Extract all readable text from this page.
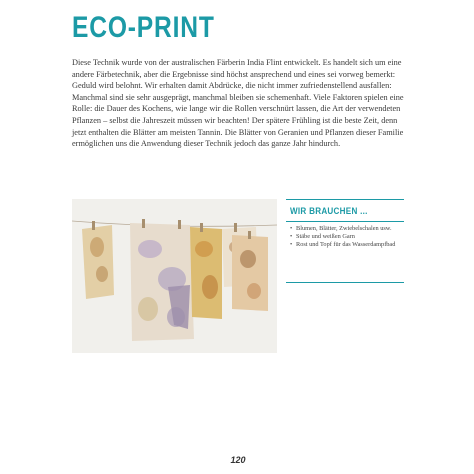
ECO-PRINT

Diese Technik wurde von der australischen Färberin India Flint entwickelt. Es handelt sich um eine andere Färbetechnik, aber die Ergebnisse sind höchst ansprechend und eines sei vorweg bemerkt: Geduld wird belohnt. Wir erhalten damit Abdrücke, die nicht immer zufriedenstellend ausfallen: Manchmal sind sie sehr ausgeprägt, manchmal bleiben sie schemenhaft. Viele Faktoren spielen eine Rolle: die Dauer des Kochens, wie lange wir die Rollen verschnürt lassen, die Art der verwendeten Pflanzen – selbst die Jahreszeit müssen wir beachten! Der spätere Frühling ist die beste Zeit, denn jetzt enthalten die Blätter am meisten Tannin. Die Blätter von Geranien und Pflanzen dieser Familie ermöglichen uns die Anwendung dieser Technik jedoch das ganze Jahr hindurch.

WIR BRAUCHEN ...
• Blumen, Blätter, Zwiebelschalen usw.
• Stäbe und weißen Garn
• Rost und Topf für das Wasserdampfbad
120
